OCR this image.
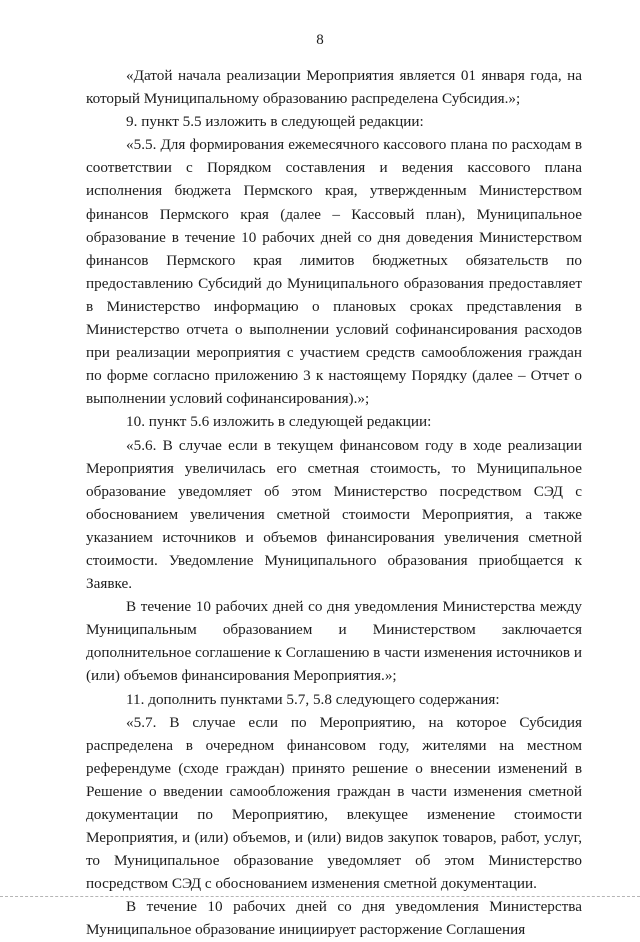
8

«Датой начала реализации Мероприятия является 01 января года, на который Муниципальному образованию распределена Субсидия.»;

9. пункт 5.5 изложить в следующей редакции:

«5.5. Для формирования ежемесячного кассового плана по расходам в соответствии с Порядком составления и ведения кассового плана исполнения бюджета Пермского края, утвержденным Министерством финансов Пермского края (далее – Кассовый план), Муниципальное образование в течение 10 рабочих дней со дня доведения Министерством финансов Пермского края лимитов бюджетных обязательств по предоставлению Субсидий до Муниципального образования предоставляет в Министерство информацию о плановых сроках представления в Министерство отчета о выполнении условий софинансирования расходов при реализации мероприятия с участием средств самообложения граждан по форме согласно приложению 3 к настоящему Порядку (далее – Отчет о выполнении условий софинансирования).»;

10. пункт 5.6 изложить в следующей редакции:

«5.6. В случае если в текущем финансовом году в ходе реализации Мероприятия увеличилась его сметная стоимость, то Муниципальное образование уведомляет об этом Министерство посредством СЭД с обоснованием увеличения сметной стоимости Мероприятия, а также указанием источников и объемов финансирования увеличения сметной стоимости. Уведомление Муниципального образования приобщается к Заявке.

В течение 10 рабочих дней со дня уведомления Министерства между Муниципальным образованием и Министерством заключается дополнительное соглашение к Соглашению в части изменения источников и (или) объемов финансирования Мероприятия.»;

11. дополнить пунктами 5.7, 5.8 следующего содержания:

«5.7. В случае если по Мероприятию, на которое Субсидия распределена в очередном финансовом году, жителями на местном референдуме (сходе граждан) принято решение о внесении изменений в Решение о введении самообложения граждан в части изменения сметной документации по Мероприятию, влекущее изменение стоимости Мероприятия, и (или) объемов, и (или) видов закупок товаров, работ, услуг, то Муниципальное образование уведомляет об этом Министерство посредством СЭД с обоснованием изменения сметной документации.

В течение 10 рабочих дней со дня уведомления Министерства Муниципальное образование инициирует расторжение Соглашения
